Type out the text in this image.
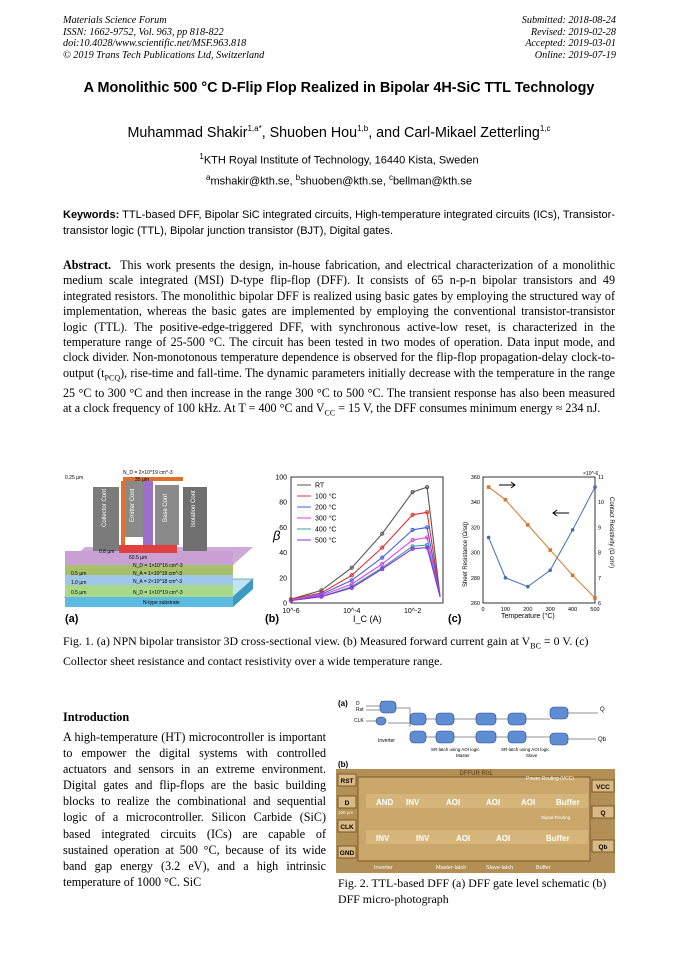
Materials Science Forum
ISSN: 1662-9752, Vol. 963, pp 818-822
doi:10.4028/www.scientific.net/MSF.963.818
© 2019 Trans Tech Publications Ltd, Switzerland
Submitted: 2018-08-24
Revised: 2019-02-28
Accepted: 2019-03-01
Online: 2019-07-19
A Monolithic 500 °C D-Flip Flop Realized in Bipolar 4H-SiC TTL Technology
Muhammad Shakir$^{1,a*}$, Shuoben Hou$^{1,b}$, and Carl-Mikael Zetterling$^{1,c}$
$^1$KTH Royal Institute of Technology, 16440 Kista, Sweden
$^a$mshakir@kth.se, $^b$shuoben@kth.se, $^c$bellman@kth.se
Keywords: TTL-based DFF, Bipolar SiC integrated circuits, High-temperature integrated circuits (ICs), Transistor-transistor logic (TTL), Bipolar junction transistor (BJT), Digital gates.
Abstract. This work presents the design, in-house fabrication, and electrical characterization of a monolithic medium scale integrated (MSI) D-type flip-flop (DFF). It consists of 65 n-p-n bipolar transistors and 49 integrated resistors. The monolithic bipolar DFF is realized using basic gates by employing the structured way of implementation, whereas the basic gates are implemented by employing the conventional transistor-transistor logic (TTL). The positive-edge-triggered DFF, with synchronous active-low reset, is characterized in the temperature range of 25-500 °C. The circuit has been tested in two modes of operation. Data input mode, and clock divider. Non-monotonous temperature dependence is observed for the flip-flop propagation-delay clock-to-output $(t_{PCQ})$, rise-time and fall-time. The dynamic parameters initially decrease with the temperature in the range 25 °C to 300 °C and then increase in the range 300 °C to 500 °C. The transient response has also been measured at a clock frequency of 100 kHz. At T = 400 °C and $V_{CC} = 15$ V, the DFF consumes minimum energy ≈ 234 nJ.
(a)
Collector Cont	Emitter Cont	Base Cont	Isolation Cont
N_D = 2×10^19 cm^-3
35 µm
0.25 µm
0.8 µm
60.5 µm
N_D = 1×10^16 cm^-3
N_A = 1×10^19 cm^-3
N_A = 2×10^18 cm^-3
N_D = 1×10^19 cm^-3
0.5 µm
1.0 µm
0.5 µm
N-type substrate
(b)
β
I_C (A)
0
20
40
60
80
100
10^-6	10^-4	10^-2
RT
100 °C
200 °C
300 °C
400 °C
500 °C
(c)
Sheet Resistance (Ω/sq)	Contact Resistivity (Ω cm²)
Temperature (°C)
×10^-6
0	100 200 300 400 500
260
280
300
320
340
360
6
7
8
9
10
11
Fig. 1. (a) NPN bipolar transistor 3D cross-sectional view. (b) Measured forward current gain at $V_{BC} = 0$ V. (c) Collector sheet resistance and contact resistivity over a wide temperature range.
Introduction
A high-temperature (HT) microcontroller is important to empower the digital systems with controlled actuators and sensors in an extreme environment. Digital gates and flip-flops are the basic building blocks to realize the combinational and sequential logic of a microcontroller. Silicon Carbide (SiC) based integrated circuits (ICs) are capable of sustained operation at 500 °C, because of its wide band gap energy (3.2 eV), and a high intrinsic temperature of 1000 °C. SiC
(a) D
Rst
CLK
Inverter
SR-latch using AOI logic	SR-latch using AOI logic
Master	Slave
Q
Qb
(b)
DFFUR R01
Power Routing (VCC)
Signal Routing
100 µm
RST
D
CLK
GND
VCC
Q
Qb
AND INV	AOI	AOI	AOI	Buffer
INV	INV	AOI	AOI	Buffer
Inverter	Master-latch	Slave-latch	Buffer
Fig. 2. TTL-based DFF (a) DFF gate level schematic (b) DFF micro-photograph
